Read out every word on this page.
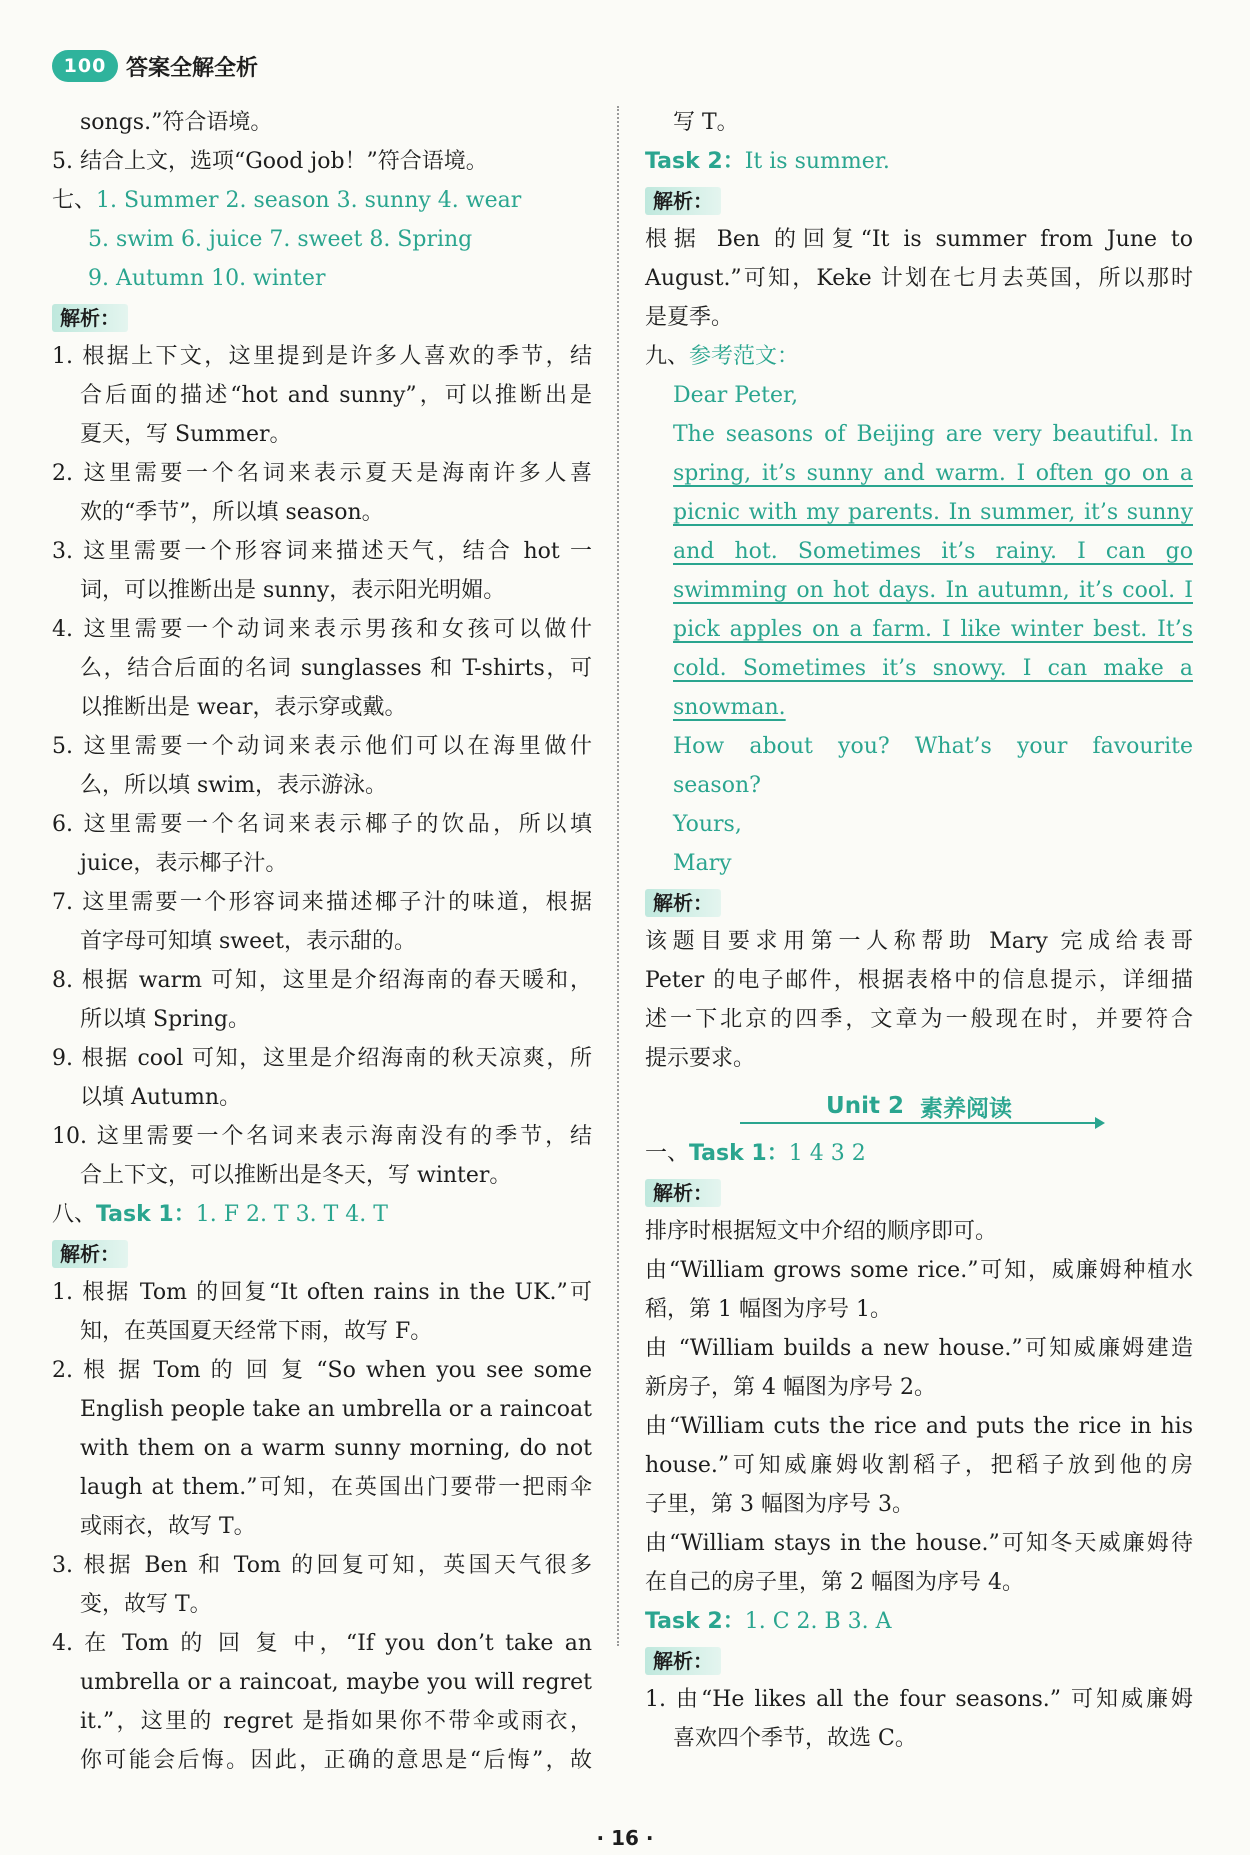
100 答案全解全析
songs.”符合语境。
5. 结合上文，选项“Good job！”符合语境。
七、1. Summer 2. season 3. sunny 4. wear
5. swim 6. juice 7. sweet 8. Spring
9. Autumn 10. winter
解析：
1. 根据上下文，这里提到是许多人喜欢的季节，结
合后面的描述“hot and sunny”，可以推断出是
夏天，写 Summer。
2. 这里需要一个名词来表示夏天是海南许多人喜
欢的“季节”，所以填 season。
3. 这里需要一个形容词来描述天气，结合 hot 一
词，可以推断出是 sunny，表示阳光明媚。
4. 这里需要一个动词来表示男孩和女孩可以做什
么，结合后面的名词 sunglasses 和 T-shirts，可
以推断出是 wear，表示穿或戴。
5. 这里需要一个动词来表示他们可以在海里做什
么，所以填 swim，表示游泳。
6. 这里需要一个名词来表示椰子的饮品，所以填
juice，表示椰子汁。
7. 这里需要一个形容词来描述椰子汁的味道，根据
首字母可知填 sweet，表示甜的。
8. 根据 warm 可知，这里是介绍海南的春天暖和，
所以填 Spring。
9. 根据 cool 可知，这里是介绍海南的秋天凉爽，所
以填 Autumn。
10. 这里需要一个名词来表示海南没有的季节，结
合上下文，可以推断出是冬天，写 winter。
八、Task 1：1. F 2. T 3. T 4. T
解析：
1. 根据 Tom 的回复“It often rains in the UK.”可
知，在英国夏天经常下雨，故写 F。
2. 根 据 Tom 的 回 复 “So when you see some
English people take an umbrella or a raincoat
with them on a warm sunny morning, do not
laugh at them.”可知，在英国出门要带一把雨伞
或雨衣，故写 T。
3. 根据 Ben 和 Tom 的回复可知，英国天气很多
变，故写 T。
4. 在 Tom 的 回 复 中，“If you don’t take an
umbrella or a raincoat, maybe you will regret
it.”，这里的 regret 是指如果你不带伞或雨衣，
你可能会后悔。因此，正确的意思是“后悔”，故
写 T。
Task 2：It is summer.
解析：
根据 Ben 的回复“It is summer from June to
August.”可知，Keke 计划在七月去英国，所以那时
是夏季。
九、参考范文：
Dear Peter,
The seasons of Beijing are very beautiful. In
spring, it’s sunny and warm. I often go on a
picnic with my parents. In summer, it’s sunny
and hot. Sometimes it’s rainy. I can go
swimming on hot days. In autumn, it’s cool. I
pick apples on a farm. I like winter best. It’s
cold. Sometimes it’s snowy. I can make a
snowman.
How about you? What’s your favourite
season?
Yours,
Mary
解析：
该题目要求用第一人称帮助 Mary 完成给表哥
Peter 的电子邮件，根据表格中的信息提示，详细描
述一下北京的四季，文章为一般现在时，并要符合
提示要求。
Unit 2 素养阅读
一、Task 1：1 4 3 2
解析：
排序时根据短文中介绍的顺序即可。
由“William grows some rice.”可知，威廉姆种植水
稻，第 1 幅图为序号 1。
由 “William builds a new house.”可知威廉姆建造
新房子，第 4 幅图为序号 2。
由“William cuts the rice and puts the rice in his
house.”可知威廉姆收割稻子，把稻子放到他的房
子里，第 3 幅图为序号 3。
由“William stays in the house.”可知冬天威廉姆待
在自己的房子里，第 2 幅图为序号 4。
Task 2：1. C 2. B 3. A
解析：
1. 由“He likes all the four seasons.” 可知威廉姆
喜欢四个季节，故选 C。
· 16 ·
